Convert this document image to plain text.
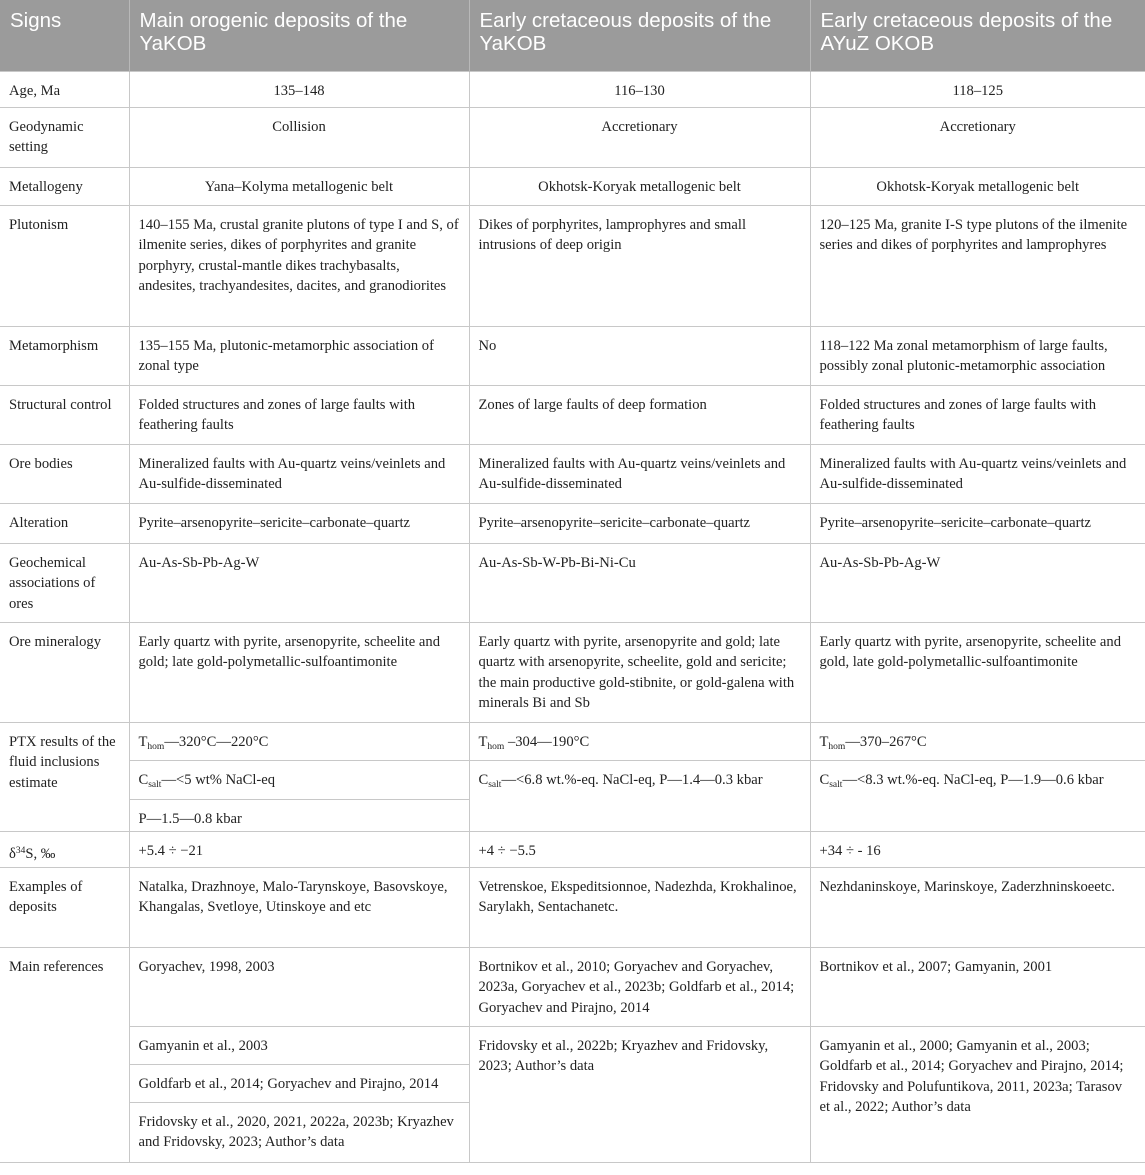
Signs	Main orogenic deposits of the YaKOB	Early cretaceous deposits of the YaKOB	Early cretaceous deposits of the AYuZ OKOB
Age, Ma	135–148	116–130	118–125
Geodynamic setting	Collision	Accretionary	Accretionary
Metallogeny	Yana–Kolyma metallogenic belt	Okhotsk-Koryak metallogenic belt	Okhotsk-Koryak metallogenic belt
Plutonism	140–155 Ma, crustal granite plutons of type I and S, of ilmenite series, dikes of porphyrites and granite porphyry, crustal-mantle dikes trachybasalts, andesites, trachyandesites, dacites, and granodiorites	Dikes of porphyrites, lamprophyres and small intrusions of deep origin	120–125 Ma, granite I-S type plutons of the ilmenite series and dikes of porphyrites and lamprophyres
Metamorphism	135–155 Ma, plutonic-metamorphic association of zonal type	No	118–122 Ma zonal metamorphism of large faults, possibly zonal plutonic-metamorphic association
Structural control	Folded structures and zones of large faults with feathering faults	Zones of large faults of deep formation	Folded structures and zones of large faults with feathering faults
Ore bodies	Mineralized faults with Au-quartz veins/veinlets and Au-sulfide-disseminated	Mineralized faults with Au-quartz veins/veinlets and Au-sulfide-disseminated	Mineralized faults with Au-quartz veins/veinlets and Au-sulfide-disseminated
Alteration	Pyrite–arsenopyrite–sericite–carbonate–quartz	Pyrite–arsenopyrite–sericite–carbonate–quartz	Pyrite–arsenopyrite–sericite–carbonate–quartz
Geochemical associations of ores	Au-As-Sb-Pb-Ag-W	Au-As-Sb-W-Pb-Bi-Ni-Cu	Au-As-Sb-Pb-Ag-W
Ore mineralogy	Early quartz with pyrite, arsenopyrite, scheelite and gold; late gold-polymetallic-sulfoantimonite	Early quartz with pyrite, arsenopyrite and gold; late quartz with arsenopyrite, scheelite, gold and sericite; the main productive gold-stibnite, or gold-galena with minerals Bi and Sb	Early quartz with pyrite, arsenopyrite, scheelite and gold, late gold-polymetallic-sulfoantimonite
PTX results of the fluid inclusions estimate	$T_{hom}—320^\circ C—220^\circ C$	$T_{hom}$ –304—190°C	$T_{hom}—370-267^\circ C$
	$C_{salt}—<5$ wt% NaCl-eq	$C_{salt}—<6.8$ wt.%-eq. NaCl-eq, P—1.4—0.3 kbar	$C_{salt}—<8.3$ wt.%-eq. NaCl-eq, P—1.9—0.6 kbar
	P—1.5—0.8 kbar		
$\delta^{34}S$, ‰	+5.4 ÷ −21	+4 ÷ −5.5	+34 ÷ - 16
Examples of deposits	Natalka, Drazhnoye, Malo-Tarynskoye, Basovskoye, Khangalas, Svetloye, Utinskoye and etc	Vetrenskoe, Ekspeditsionnoe, Nadezhda, Krokhalinoe, Sarylakh, Sentachanetc.	Nezhdaninskoye, Marinskoye, Zaderzhninskoeetc.
Main references	Goryachev, 1998, 2003	Bortnikov et al., 2010; Goryachev and Goryachev, 2023a, Goryachev et al., 2023b; Goldfarb et al., 2014; Goryachev and Pirajno, 2014	Bortnikov et al., 2007; Gamyanin, 2001
	Gamyanin et al., 2003	Fridovsky et al., 2022b; Kryazhev and Fridovsky, 2023; Author’s data	Gamyanin et al., 2000; Gamyanin et al., 2003; Goldfarb et al., 2014; Goryachev and Pirajno, 2014; Fridovsky and Polufuntikova, 2011, 2023a; Tarasov et al., 2022; Author’s data
	Goldfarb et al., 2014; Goryachev and Pirajno, 2014		
	Fridovsky et al., 2020, 2021, 2022a, 2023b; Kryazhev and Fridovsky, 2023; Author’s data		
